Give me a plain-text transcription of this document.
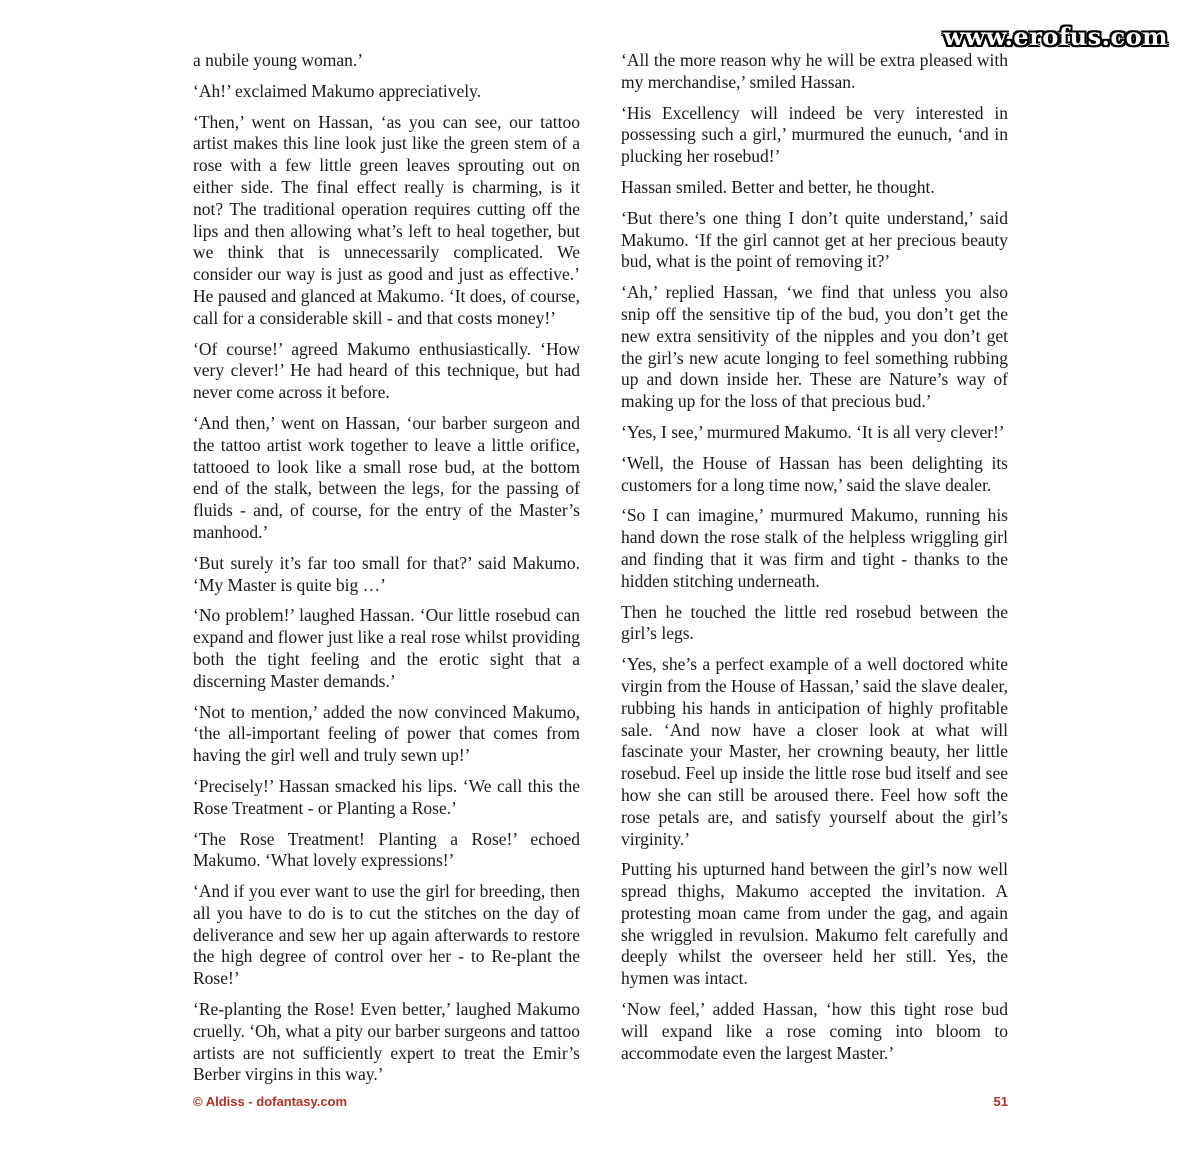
www.erofus.com

a nubile young woman.’

‘Ah!’ exclaimed Makumo appreciatively.

‘Then,’ went on Hassan, ‘as you can see, our tattoo artist makes this line look just like the green stem of a rose with a few little green leaves sprouting out on either side. The final effect really is charming, is it not? The traditional operation requires cutting off the lips and then allowing what’s left to heal together, but we think that is unnecessarily complicated. We consider our way is just as good and just as effective.’ He paused and glanced at Makumo. ‘It does, of course, call for a considerable skill - and that costs money!’

‘Of course!’ agreed Makumo enthusiastically. ‘How very clever!’ He had heard of this technique, but had never come across it before.

‘And then,’ went on Hassan, ‘our barber surgeon and the tattoo artist work together to leave a little orifice, tattooed to look like a small rose bud, at the bottom end of the stalk, between the legs, for the passing of fluids - and, of course, for the entry of the Master’s manhood.’

‘But surely it’s far too small for that?’ said Makumo. ‘My Master is quite big …’

‘No problem!’ laughed Hassan. ‘Our little rosebud can expand and flower just like a real rose whilst providing both the tight feeling and the erotic sight that a discerning Master demands.’

‘Not to mention,’ added the now convinced Makumo, ‘the all-important feeling of power that comes from having the girl well and truly sewn up!’

‘Precisely!’ Hassan smacked his lips. ‘We call this the Rose Treatment - or Planting a Rose.’

‘The Rose Treatment! Planting a Rose!’ echoed Makumo. ‘What lovely expressions!’

‘And if you ever want to use the girl for breeding, then all you have to do is to cut the stitches on the day of deliverance and sew her up again afterwards to restore the high degree of control over her - to Re-plant the Rose!’

‘Re-planting the Rose! Even better,’ laughed Makumo cruelly. ‘Oh, what a pity our barber surgeons and tattoo artists are not sufficiently expert to treat the Emir’s Berber virgins in this way.’

‘All the more reason why he will be extra pleased with my merchandise,’ smiled Hassan.

‘His Excellency will indeed be very interested in possessing such a girl,’ murmured the eunuch, ‘and in plucking her rosebud!’

Hassan smiled. Better and better, he thought.

‘But there’s one thing I don’t quite understand,’ said Makumo. ‘If the girl cannot get at her precious beauty bud, what is the point of removing it?’

‘Ah,’ replied Hassan, ‘we find that unless you also snip off the sensitive tip of the bud, you don’t get the new extra sensitivity of the nipples and you don’t get the girl’s new acute longing to feel something rubbing up and down inside her. These are Nature’s way of making up for the loss of that precious bud.’

‘Yes, I see,’ murmured Makumo. ‘It is all very clever!’

‘Well, the House of Hassan has been delighting its customers for a long time now,’ said the slave dealer.

‘So I can imagine,’ murmured Makumo, running his hand down the rose stalk of the helpless wriggling girl and finding that it was firm and tight - thanks to the hidden stitching underneath.

Then he touched the little red rosebud between the girl’s legs.

‘Yes, she’s a perfect example of a well doctored white virgin from the House of Hassan,’ said the slave dealer, rubbing his hands in anticipation of highly profitable sale. ‘And now have a closer look at what will fascinate your Master, her crowning beauty, her little rosebud. Feel up inside the little rose bud itself and see how she can still be aroused there. Feel how soft the rose petals are, and satisfy yourself about the girl’s virginity.’

Putting his upturned hand between the girl’s now well spread thighs, Makumo accepted the invitation. A protesting moan came from under the gag, and again she wriggled in revulsion. Makumo felt carefully and deeply whilst the overseer held her still. Yes, the hymen was intact.

‘Now feel,’ added Hassan, ‘how this tight rose bud will expand like a rose coming into bloom to accommodate even the largest Master.’

© Aldiss - dofantasy.com	51
